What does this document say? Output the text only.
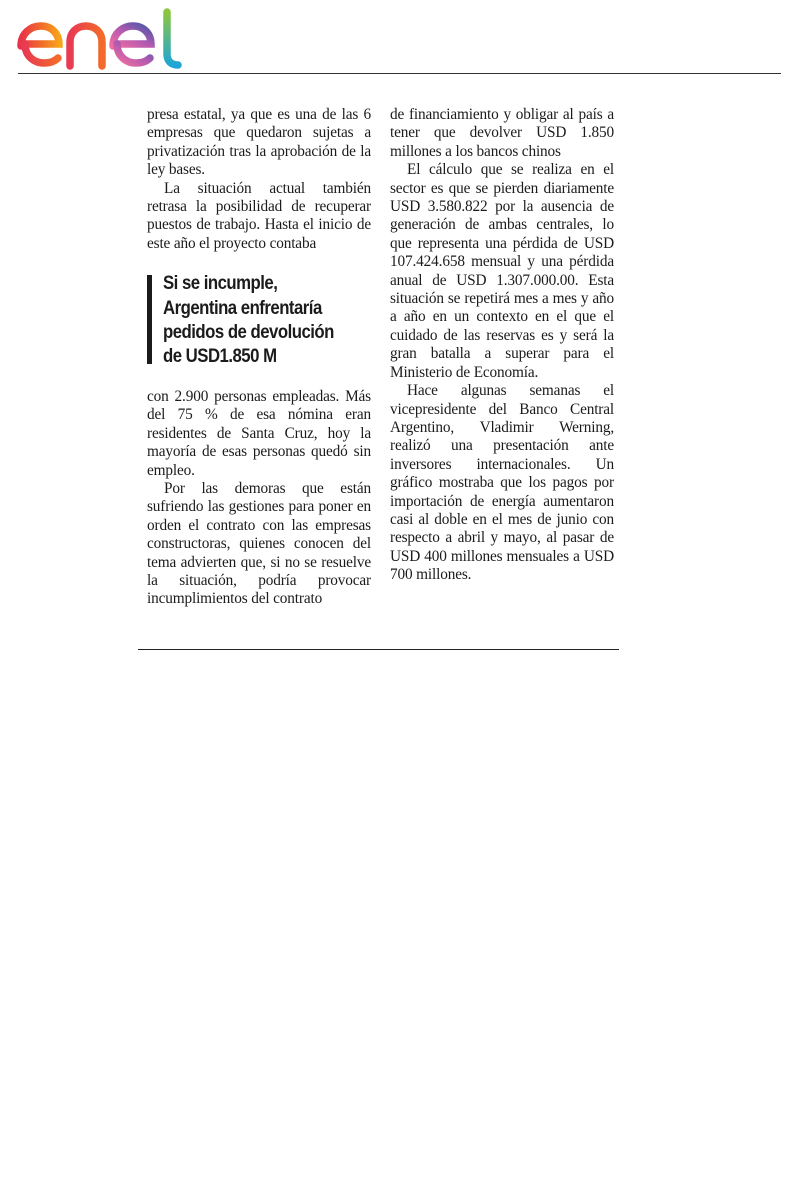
presa estatal, ya que es una de las 6 empresas que quedaron sujetas a privatización tras la aprobación de la ley bases.

La situación actual también retrasa la posibilidad de recuperar puestos de trabajo. Hasta el inicio de este año el proyecto contaba

Si se incumple,
Argentina enfrentaría
pedidos de devolución
de USD1.850 M

con 2.900 personas empleadas. Más del 75 % de esa nómina eran residentes de Santa Cruz, hoy la mayoría de esas personas quedó sin empleo.

Por las demoras que están sufriendo las gestiones para poner en orden el contrato con las empresas constructoras, quienes conocen del tema advierten que, si no se resuelve la situación, podría provocar incumplimientos del contrato

de financiamiento y obligar al país a tener que devolver USD 1.850 millones a los bancos chinos

El cálculo que se realiza en el sector es que se pierden diariamente USD 3.580.822 por la ausencia de generación de ambas centrales, lo que representa una pérdida de USD 107.424.658 mensual y una pérdida anual de USD 1.307.000.00. Esta situación se repetirá mes a mes y año a año en un contexto en el que el cuidado de las reservas es y será la gran batalla a superar para el Ministerio de Economía.

Hace algunas semanas el vicepresidente del Banco Central Argentino, Vladimir Werning, realizó una presentación ante inversores internacionales. Un gráfico mostraba que los pagos por importación de energía aumentaron casi al doble en el mes de junio con respecto a abril y mayo, al pasar de USD 400 millones mensuales a USD 700 millones.
